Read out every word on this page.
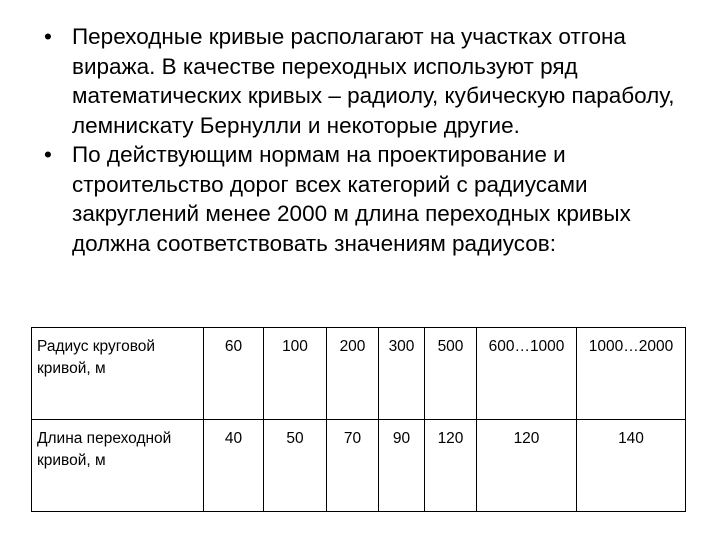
• Переходные кривые располагают на участках отгона виража. В качестве переходных используют ряд математических кривых – радиолу, кубическую параболу, лемнискату Бернулли и некоторые другие.
• По действующим нормам на проектирование и строительство дорог всех категорий с радиусами закруглений менее 2000 м длина переходных кривых должна соответствовать значениям радиусов:
Радиус круговой кривой, м	60	100	200	300	500	600…1000	1000…2000
Длина переходной кривой, м	40	50	70	90	120	120	140
